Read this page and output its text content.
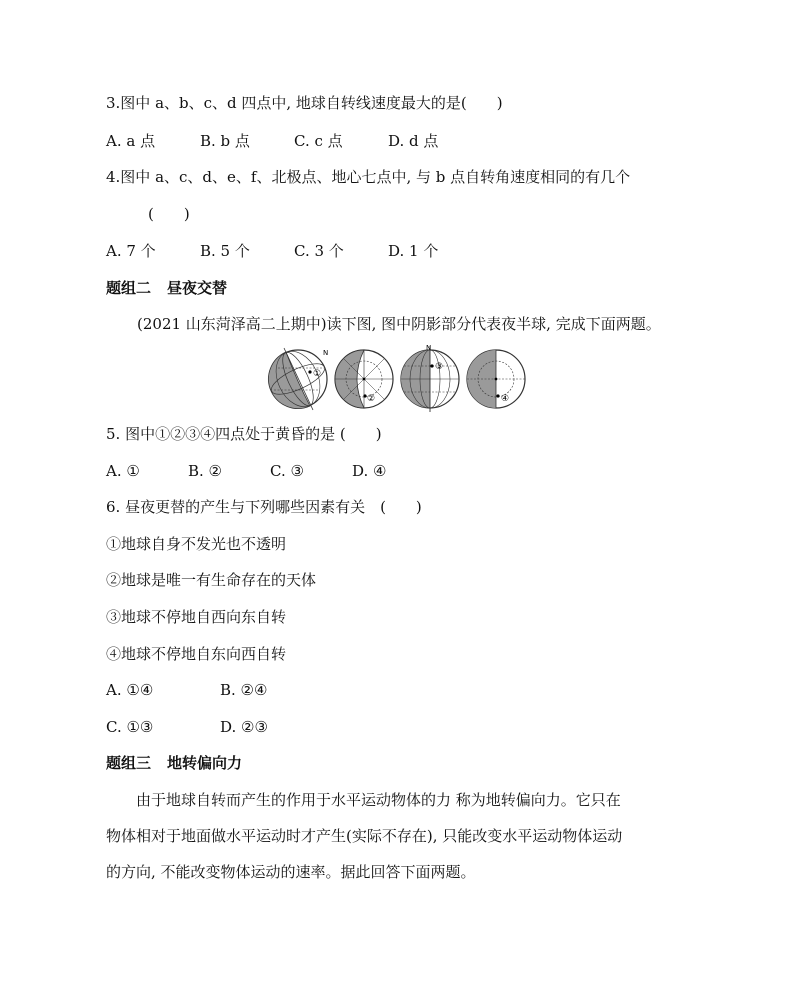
3.图中 a、b、c、d 四点中, 地球自转线速度最大的是(　　)
A. a 点	B. b 点	C. c 点	D. d 点
4.图中 a、c、d、e、f、北极点、地心七点中, 与 b 点自转角速度相同的有几个
(　　)
A. 7 个	B. 5 个	C. 3 个	D. 1 个
题组二 昼夜交替
(2021 山东菏泽高二上期中)读下图, 图中阴影部分代表夜半球, 完成下面两题。
①
N
②
③
N
④
5. 图中①②③④四点处于黄昏的是 (　　)
A. ①	B. ②	C. ③	D. ④
6. 昼夜更替的产生与下列哪些因素有关　(　　)
①地球自身不发光也不透明
②地球是唯一有生命存在的天体
③地球不停地自西向东自转
④地球不停地自东向西自转
A. ①④	B. ②④
C. ①③	D. ②③
题组三 地转偏向力

　　由于地球自转而产生的作用于水平运动物体的力 称为地转偏向力。它只在

物体相对于地面做水平运动时才产生(实际不存在), 只能改变水平运动物体运动

的方向, 不能改变物体运动的速率。据此回答下面两题。
